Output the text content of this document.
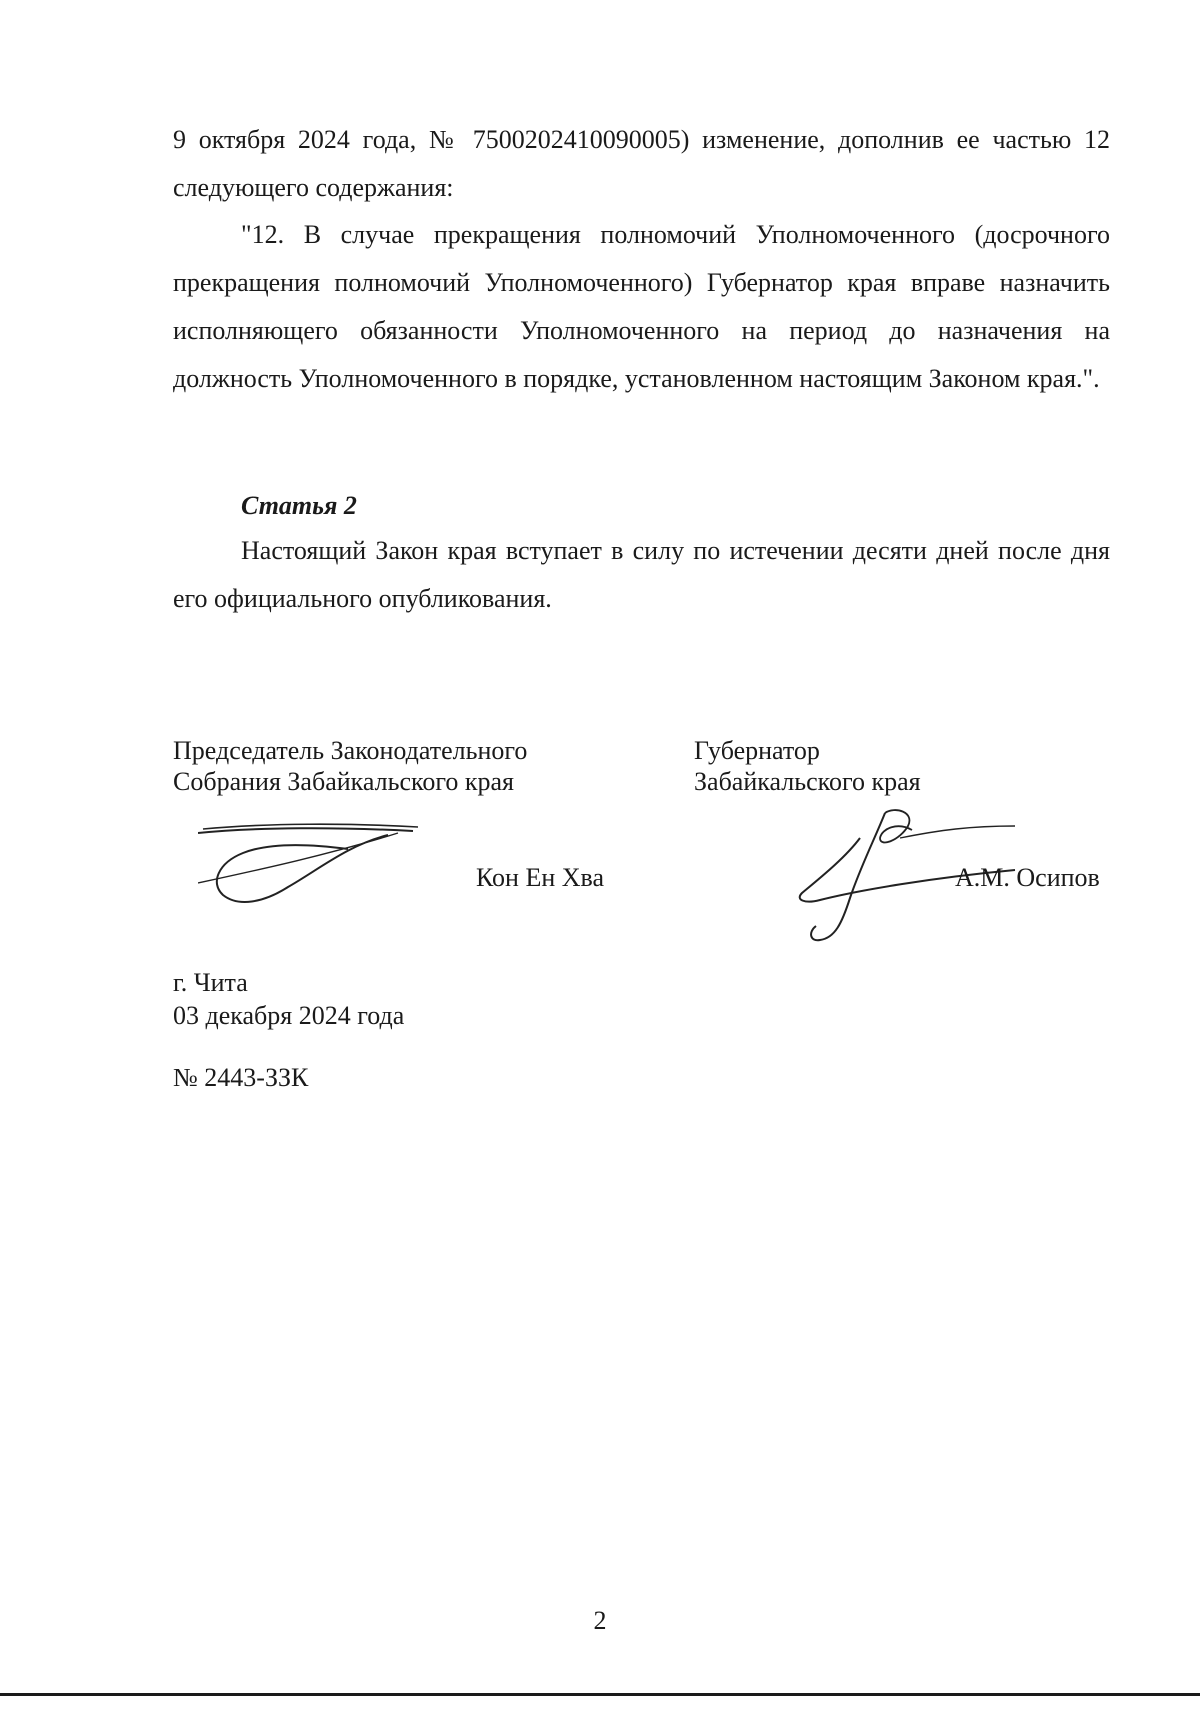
9 октября 2024 года, № 7500202410090005) изменение, дополнив ее частью 12 следующего содержания:

"12. В случае прекращения полномочий Уполномоченного (досрочного прекращения полномочий Уполномоченного) Губернатор края вправе назначить исполняющего обязанности Уполномоченного на период до назначения на должность Уполномоченного в порядке, установленном настоящим Законом края.".

Статья 2

Настоящий Закон края вступает в силу по истечении десяти дней после дня его официального опубликования.

Председатель Законодательного
Собрания Забайкальского края
Кон Ен Хва
Губернатор
Забайкальского края
А.М. Осипов
г. Чита
03 декабря 2024 года
№ 2443-ЗЗК
2
